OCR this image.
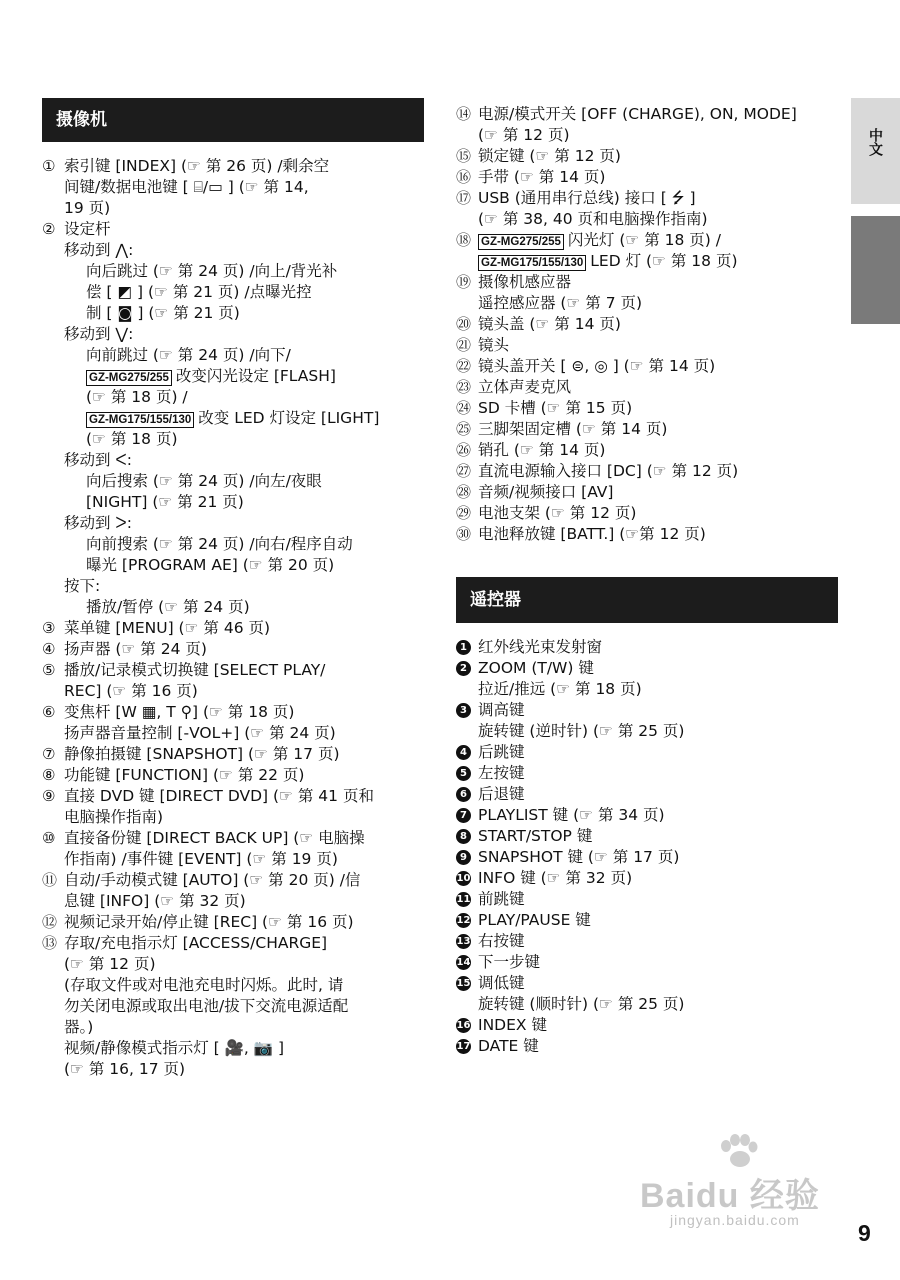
摄像机
① 索引键 [INDEX] (☞ 第 26 页) /剩余空
间键/数据电池键 [ ⌸/▭ ] (☞ 第 14,
19 页)
② 设定杆
移动到 ⋀:
向后跳过 (☞ 第 24 页) /向上/背光补
偿 [ ◩ ] (☞ 第 21 页) /点曝光控
制 [ ◙ ] (☞ 第 21 页)
移动到 ⋁:
向前跳过 (☞ 第 24 页) /向下/
GZ-MG275/255 改变闪光设定 [FLASH]
(☞ 第 18 页) /
GZ-MG175/155/130 改变 LED 灯设定 [LIGHT]
(☞ 第 18 页)
移动到 ᐸ:
向后搜索 (☞ 第 24 页) /向左/夜眼
[NIGHT] (☞ 第 21 页)
移动到 ᐳ:
向前搜索 (☞ 第 24 页) /向右/程序自动
曝光 [PROGRAM AE] (☞ 第 20 页)
按下:
播放/暂停 (☞ 第 24 页)
③ 菜单键 [MENU] (☞ 第 46 页)
④ 扬声器 (☞ 第 24 页)
⑤ 播放/记录模式切换键 [SELECT PLAY/
REC] (☞ 第 16 页)
⑥ 变焦杆 [W ▦, T ⚲] (☞ 第 18 页)
扬声器音量控制 [-VOL+] (☞ 第 24 页)
⑦ 静像拍摄键 [SNAPSHOT] (☞ 第 17 页)
⑧ 功能键 [FUNCTION] (☞ 第 22 页)
⑨ 直接 DVD 键 [DIRECT DVD] (☞ 第 41 页和
电脑操作指南)
⑩ 直接备份键 [DIRECT BACK UP] (☞ 电脑操
作指南) /事件键 [EVENT] (☞ 第 19 页)
⑪ 自动/手动模式键 [AUTO] (☞ 第 20 页) /信
息键 [INFO] (☞ 第 32 页)
⑫ 视频记录开始/停止键 [REC] (☞ 第 16 页)
⑬ 存取/充电指示灯 [ACCESS/CHARGE]
(☞ 第 12 页)
(存取文件或对电池充电时闪烁。此时, 请
勿关闭电源或取出电池/拔下交流电源适配
器。)
视频/静像模式指示灯 [ 🎥, 📷 ]
(☞ 第 16, 17 页)
⑭ 电源/模式开关 [OFF (CHARGE), ON, MODE]
(☞ 第 12 页)
⑮ 锁定键 (☞ 第 12 页)
⑯ 手带 (☞ 第 14 页)
⑰ USB (通用串行总线) 接口 [ ⭍ ]
(☞ 第 38, 40 页和电脑操作指南)
⑱ GZ-MG275/255 闪光灯 (☞ 第 18 页) /
GZ-MG175/155/130 LED 灯 (☞ 第 18 页)
⑲ 摄像机感应器
遥控感应器 (☞ 第 7 页)
⑳ 镜头盖 (☞ 第 14 页)
㉑ 镜头
㉒ 镜头盖开关 [ ⊜, ◎ ] (☞ 第 14 页)
㉓ 立体声麦克风
㉔ SD 卡槽 (☞ 第 15 页)
㉕ 三脚架固定槽 (☞ 第 14 页)
㉖ 销孔 (☞ 第 14 页)
㉗ 直流电源输入接口 [DC] (☞ 第 12 页)
㉘ 音频/视频接口 [AV]
㉙ 电池支架 (☞ 第 12 页)
㉚ 电池释放键 [BATT.] (☞第 12 页)
遥控器
1 红外线光束发射窗
2 ZOOM (T/W) 键
拉近/推远 (☞ 第 18 页)
3 调高键
旋转键 (逆时针) (☞ 第 25 页)
4 后跳键
5 左按键
6 后退键
7 PLAYLIST 键 (☞ 第 34 页)
8 START/STOP 键
9 SNAPSHOT 键 (☞ 第 17 页)
10 INFO 键 (☞ 第 32 页)
11 前跳键
12 PLAY/PAUSE 键
13 右按键
14 下一步键
15 调低键
旋转键 (顺时针) (☞ 第 25 页)
16 INDEX 键
17 DATE 键
中文
Baidu 经验
jingyan.baidu.com	9
